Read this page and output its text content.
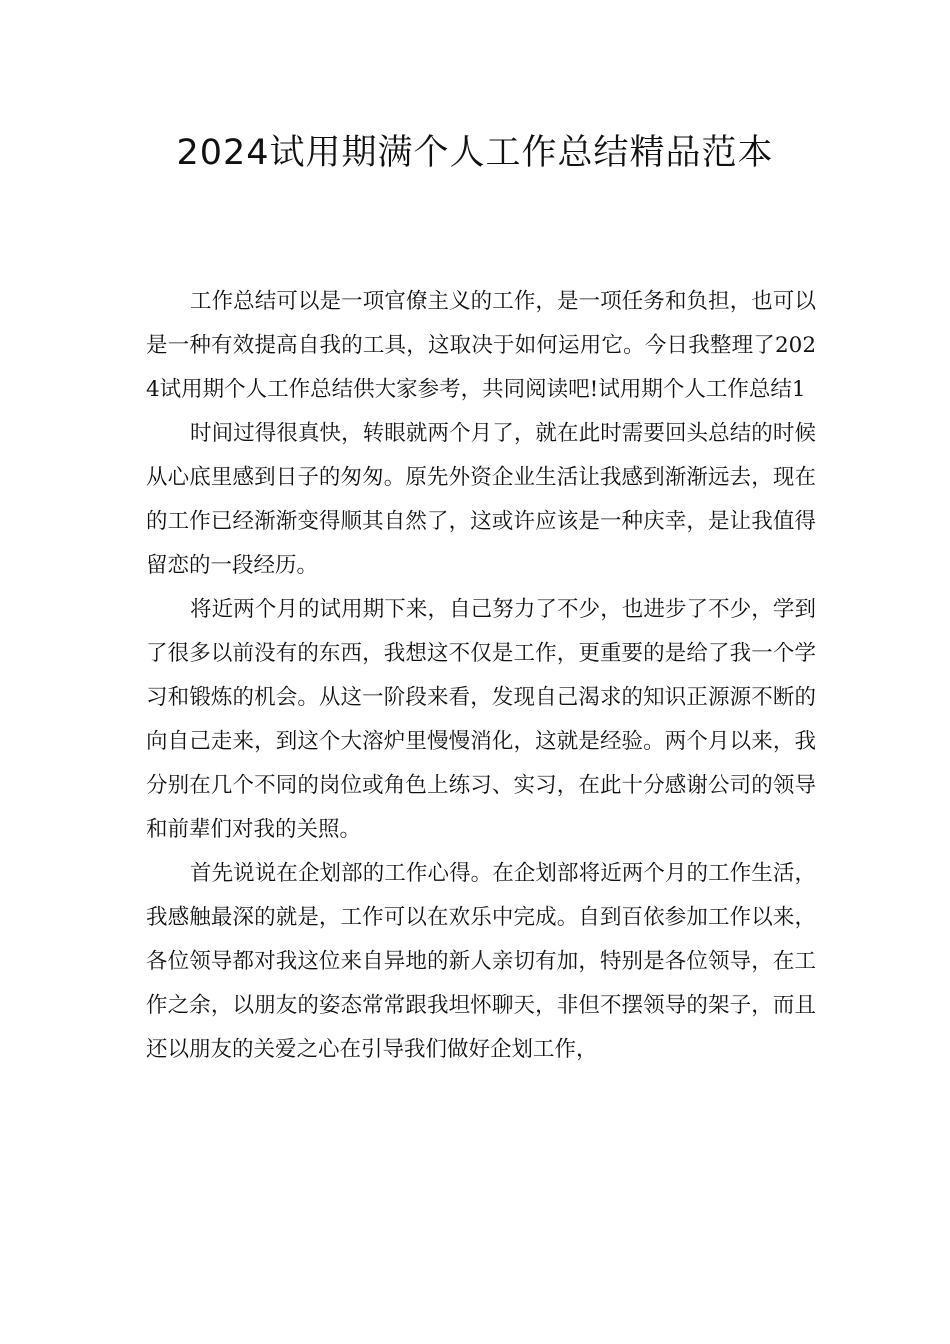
2024试用期满个人工作总结精品范本

工作总结可以是一项官僚主义的工作，是一项任务和负担，也可以是一种有效提高自我的工具，这取决于如何运用它。今日我整理了2024试用期个人工作总结供大家参考，共同阅读吧!试用期个人工作总结1

时间过得很真快，转眼就两个月了，就在此时需要回头总结的时候从心底里感到日子的匆匆。原先外资企业生活让我感到渐渐远去，现在的工作已经渐渐变得顺其自然了，这或许应该是一种庆幸，是让我值得留恋的一段经历。

将近两个月的试用期下来，自己努力了不少，也进步了不少，学到了很多以前没有的东西，我想这不仅是工作，更重要的是给了我一个学习和锻炼的机会。从这一阶段来看，发现自己渴求的知识正源源不断的向自己走来，到这个大溶炉里慢慢消化，这就是经验。两个月以来，我分别在几个不同的岗位或角色上练习、实习，在此十分感谢公司的领导和前辈们对我的关照。

首先说说在企划部的工作心得。在企划部将近两个月的工作生活，我感触最深的就是，工作可以在欢乐中完成。自到百依参加工作以来，各位领导都对我这位来自异地的新人亲切有加，特别是各位领导，在工作之余，以朋友的姿态常常跟我坦怀聊天，非但不摆领导的架子，而且还以朋友的关爱之心在引导我们做好企划工作，
